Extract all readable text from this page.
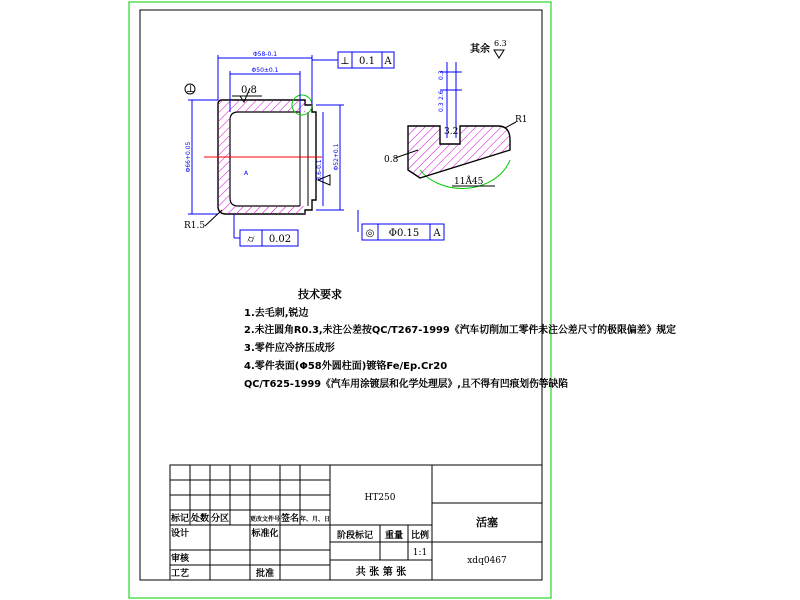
Φ58-0.1
Φ50±0.1
Φ66+0.05	Φ52+0.1
3.6-0.1
0.8
R1.5
A
⊥
⊥ 0.1 A
⌭ 0.02
◎ Φ0.15 A
其余
6.3
0.3
2.6
0.3
R1
0.8
3.2
11Å45
技术要求
1.去毛刺,锐边
2.未注圆角R0.3,未注公差按QC/T267-1999《汽车切削加工零件未注公差尺寸的极限偏差》规定
3.零件应冷挤压成形
4.零件表面(Φ58外圆柱面)镀铬Fe/Ep.Cr20
QC/T625-1999《汽车用涂镀层和化学处理层》,且不得有凹痕划伤等缺陷
HT250
活塞
xdq0467
阶段标记 重量 比例
1:1
共 张 第 张
标记 处数 分区	更改文件号 签名 年、月、日
设计	标准化
审核
工艺	批准
